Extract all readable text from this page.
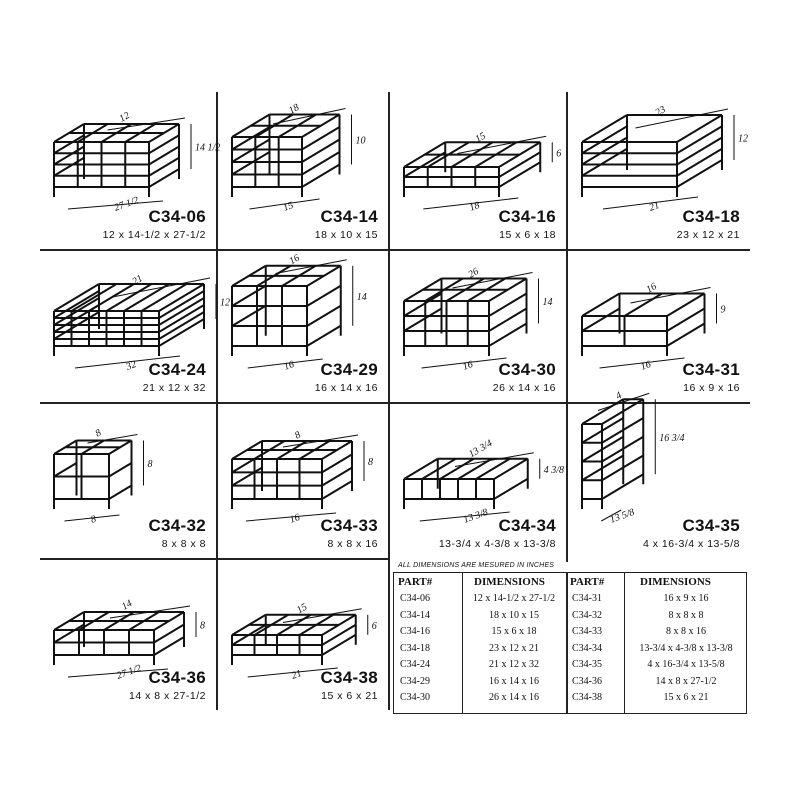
12
14 1/2
27 1/2
C34-06
12 x 14-1/2 x 27-1/2
18
10
15
C34-14
18 x 10 x 15
15
6
18
C34-16
15 x 6 x 18
23
12
21
C34-18
23 x 12 x 21
21
12
32 C34-24
21 x 12 x 32
16
14
16 C34-29
16 x 14 x 16
26
14
16 C34-30
26 x 14 x 16
16
9
16 C34-31
16 x 9 x 16
8
8
8	C34-32
8 x 8 x 8
8
8
16 C34-33
8 x 8 x 16
13 3/4
4 3/8
13 3/8 C34-34
13-3/4 x 4-3/8 x 13-3/8
4
16 3/4
13 5/8	C34-35
4 x 16-3/4 x 13-5/8
14
8
27 1/2 C34-36
14 x 8 x 27-1/2
15
6
21 C34-38
15 x 6 x 21
ALL DIMENSIONS ARE MESURED IN INCHES
PART#	DIMENSIONS PART#	DIMENSIONS
C34-06	12 x 14-1/2 x 27-1/2
C34-14	18 x 10 x 15
C34-16	15 x 6 x 18
C34-18	23 x 12 x 21
C34-24	21 x 12 x 32
C34-29	16 x 14 x 16
C34-30	26 x 14 x 16
C34-31	16 x 9 x 16
C34-32	8 x 8 x 8
C34-33	8 x 8 x 16
C34-34	13-3/4 x 4-3/8 x 13-3/8
C34-35	4 x 16-3/4 x 13-5/8
C34-36	14 x 8 x 27-1/2
C34-38	15 x 6 x 21
